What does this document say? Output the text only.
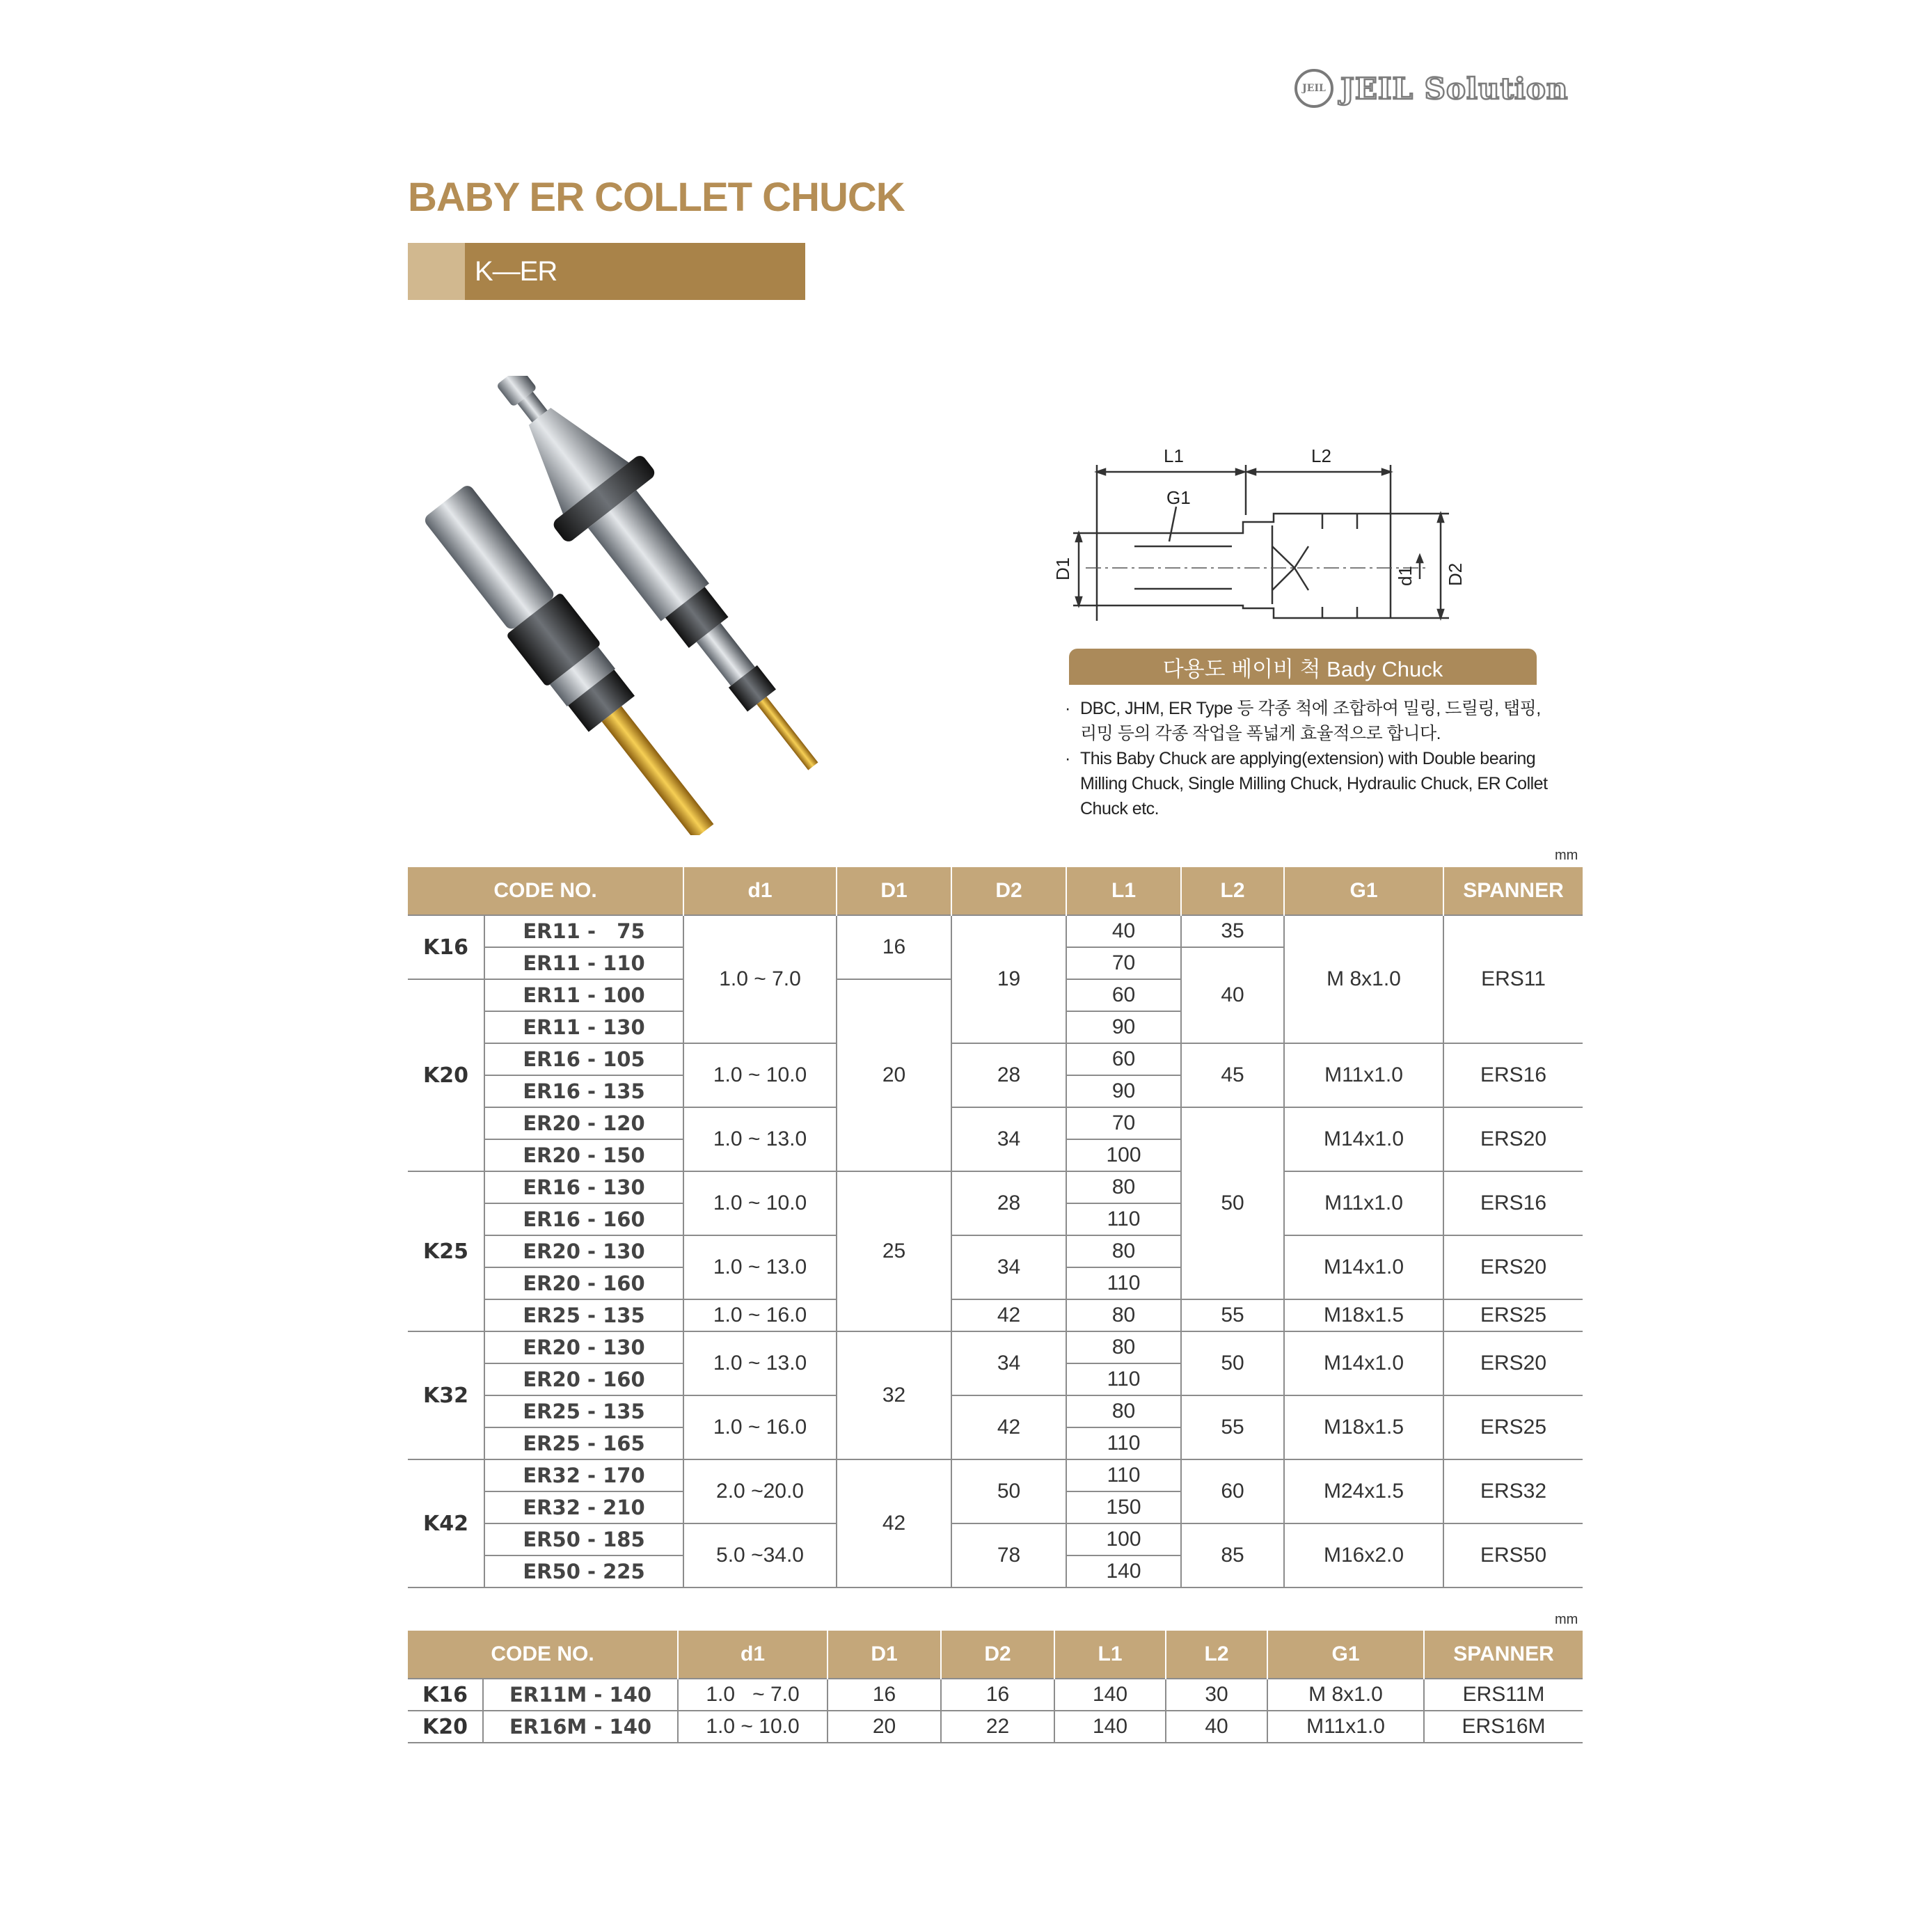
JEIL JEIL Solution
BABY ER COLLET CHUCK
K—ER
L1	L2
G1
D1	d1 D2
다용도 베이비 척 Bady Chuck
· DBC, JHM, ER Type 등 각종 척에 조합하여 밀링, 드릴링, 탭핑,
리밍 등의 각종 작업을 폭넓게 효율적으로 합니다.
· This Baby Chuck are applying(extension) with Double bearing
Milling Chuck, Single Milling Chuck, Hydraulic Chuck, ER Collet
Chuck etc.
mm
CODE NO.		d1	D1	D2	L1	L2	G1	SPANNER
K16	ER11 -   75	1.0 ~ 7.0	16	19	40	35	M 8x1.0	ERS11
	ER11 - 110				70	40		
K20	ER11 - 100		20		60			
	ER11 - 130				90			
	ER16 - 105	1.0 ~ 10.0		28	60	45	M11x1.0	ERS16
	ER16 - 135				90			
	ER20 - 120	1.0 ~ 13.0		34	70	50	M14x1.0	ERS20
	ER20 - 150				100			
K25	ER16 - 130	1.0 ~ 10.0	25	28	80		M11x1.0	ERS16
	ER16 - 160				110			
	ER20 - 130	1.0 ~ 13.0		34	80		M14x1.0	ERS20
	ER20 - 160				110			
	ER25 - 135	1.0 ~ 16.0		42	80	55	M18x1.5	ERS25
K32	ER20 - 130	1.0 ~ 13.0	32	34	80	50	M14x1.0	ERS20
	ER20 - 160				110			
	ER25 - 135	1.0 ~ 16.0		42	80	55	M18x1.5	ERS25
	ER25 - 165				110			
K42	ER32 - 170	2.0 ~20.0	42	50	110	60	M24x1.5	ERS32
	ER32 - 210				150			
	ER50 - 185	5.0 ~34.0		78	100	85	M16x2.0	ERS50
	ER50 - 225				140			
mm
CODE NO.		d1	D1	D2	L1	L2	G1	SPANNER
K16	ER11M - 140	1.0   ~ 7.0	16	16	140	30	M 8x1.0	ERS11M
K20	ER16M - 140	1.0 ~ 10.0	20	22	140	40	M11x1.0	ERS16M
